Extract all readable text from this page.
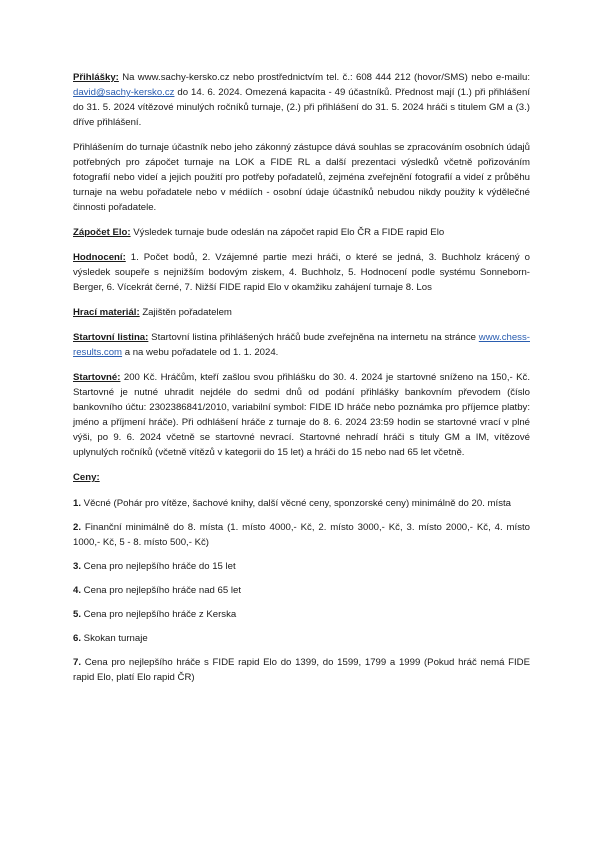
Přihlášky: Na www.sachy-kersko.cz nebo prostřednictvím tel. č.: 608 444 212 (hovor/SMS) nebo e-mailu: david@sachy-kersko.cz do 14. 6. 2024. Omezená kapacita - 49 účastníků. Přednost mají (1.) při přihlášení do 31. 5. 2024 vítězové minulých ročníků turnaje, (2.) při přihlášení do 31. 5. 2024 hráči s titulem GM a (3.) dříve přihlášení.

Přihlášením do turnaje účastník nebo jeho zákonný zástupce dává souhlas se zpracováním osobních údajů potřebných pro zápočet turnaje na LOK a FIDE RL a další prezentaci výsledků včetně pořizováním fotografií nebo videí a jejich použití pro potřeby pořadatelů, zejména zveřejnění fotografií a videí z průběhu turnaje na webu pořadatele nebo v médiích - osobní údaje účastníků nebudou nikdy použity k výdělečné činnosti pořadatele.

Zápočet Elo: Výsledek turnaje bude odeslán na zápočet rapid Elo ČR a FIDE rapid Elo

Hodnocení: 1. Počet bodů, 2. Vzájemné partie mezi hráči, o které se jedná, 3. Buchholz krácený o výsledek soupeře s nejnižším bodovým ziskem, 4. Buchholz, 5. Hodnocení podle systému Sonneborn-Berger, 6. Vícekrát černé, 7. Nižší FIDE rapid Elo v okamžiku zahájení turnaje 8. Los

Hrací materiál: Zajištěn pořadatelem

Startovní listina: Startovní listina přihlášených hráčů bude zveřejněna na internetu na stránce www.chess-results.com a na webu pořadatele od 1. 1. 2024.

Startovné: 200 Kč. Hráčům, kteří zašlou svou přihlášku do 30. 4. 2024 je startovné sníženo na 150,- Kč. Startovné je nutné uhradit nejdéle do sedmi dnů od podání přihlášky bankovním převodem (číslo bankovního účtu: 2302386841/2010, variabilní symbol: FIDE ID hráče nebo poznámka pro příjemce platby: jméno a příjmení hráče). Při odhlášení hráče z turnaje do 8. 6. 2024 23:59 hodin se startovné vrací v plné výši, po 9. 6. 2024 včetně se startovné nevrací. Startovné nehradí hráči s tituly GM a IM, vítězové uplynulých ročníků (včetně vítězů v kategorii do 15 let) a hráči do 15 nebo nad 65 let včetně.

Ceny:

1. Věcné (Pohár pro vítěze, šachové knihy, další věcné ceny, sponzorské ceny) minimálně do 20. místa

2. Finanční minimálně do 8. místa (1. místo 4000,- Kč, 2. místo 3000,- Kč, 3. místo 2000,- Kč, 4. místo 1000,- Kč, 5 - 8. místo 500,- Kč)

3. Cena pro nejlepšího hráče do 15 let

4. Cena pro nejlepšího hráče nad 65 let

5. Cena pro nejlepšího hráče z Kerska

6. Skokan turnaje

7. Cena pro nejlepšího hráče s FIDE rapid Elo do 1399, do 1599, 1799 a 1999 (Pokud hráč nemá FIDE rapid Elo, platí Elo rapid ČR)
